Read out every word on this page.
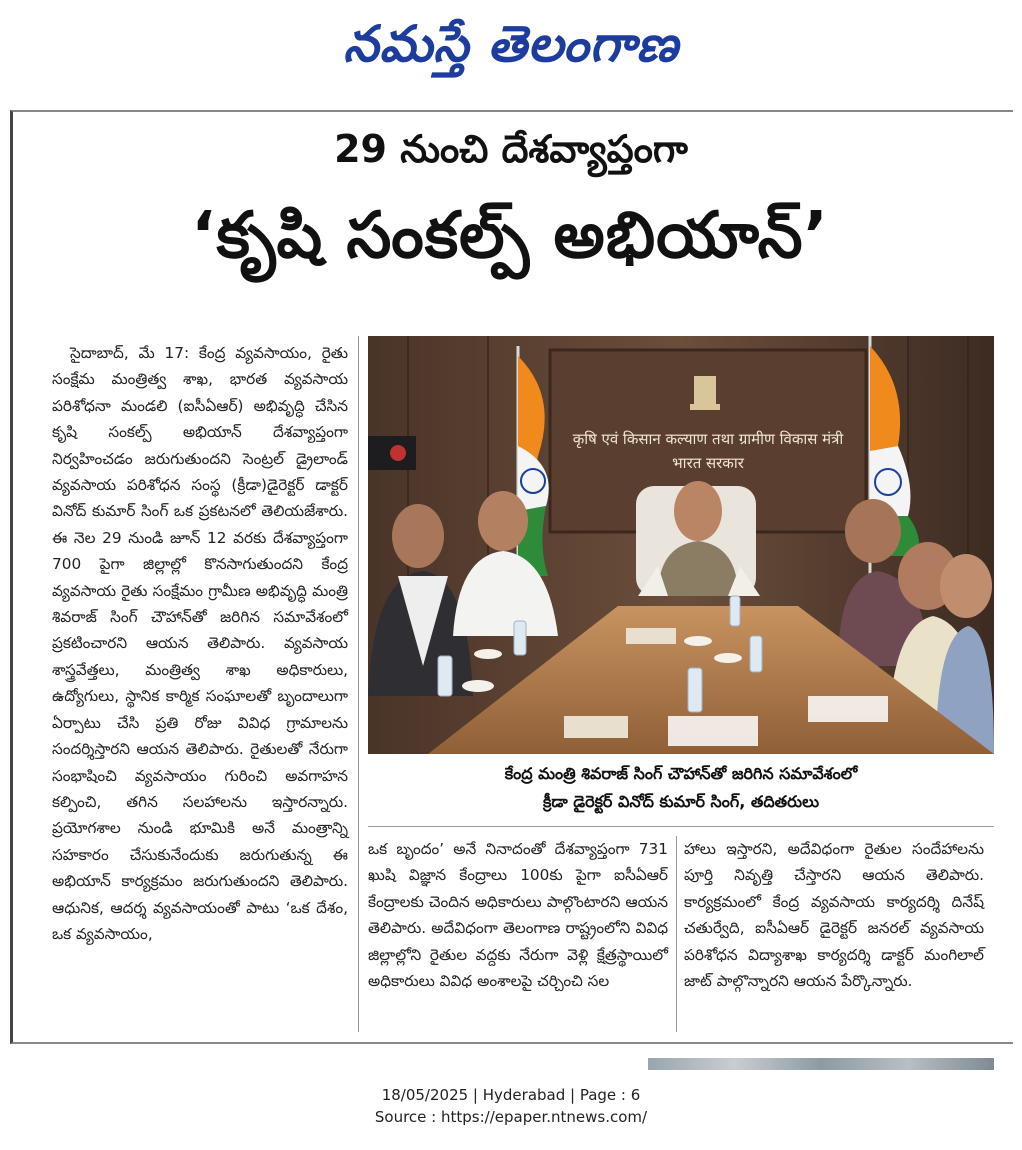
నమస్తే తెలంగాణ
29 నుంచి దేశవ్యాప్తంగా
‘కృషి సంకల్ప్ అభియాన్’

సైదాబాద్, మే 17: కేంద్ర వ్యవసాయం, రైతు సంక్షేమ మంత్రిత్వ శాఖ, భారత వ్యవసాయ పరిశోధనా మండలి (ఐసీఏఆర్) అభివృద్ధి చేసిన కృషి సంకల్ప్ అభియాన్ దేశవ్యాప్తంగా నిర్వహించడం జరుగుతుందని సెంట్రల్ డ్రైలాండ్ వ్యవసాయ పరిశోధన సంస్థ (క్రీడా)డైరెక్టర్ డాక్టర్ వినోద్ కుమార్ సింగ్ ఒక ప్రకటనలో తెలియజేశారు. ఈ నెల 29 నుండి జూన్ 12 వరకు దేశవ్యాప్తంగా 700 పైగా జిల్లాల్లో కొనసాగుతుందని కేంద్ర వ్యవసాయ రైతు సంక్షేమం గ్రామీణ అభివృద్ధి మంత్రి శివరాజ్ సింగ్ చౌహాన్‌తో జరిగిన సమావేశంలో ప్రకటించారని ఆయన తెలిపారు. వ్యవసాయ శాస్త్రవేత్తలు, మంత్రిత్వ శాఖ అధికారులు, ఉద్యోగులు, స్థానిక కార్మిక సంఘాలతో బృందాలుగా ఏర్పాటు చేసి ప్రతి రోజు వివిధ గ్రామాలను సందర్శిస్తారని ఆయన తెలిపారు. రైతులతో నేరుగా సంభాషించి వ్యవసాయం గురించి అవగాహన కల్పించి, తగిన సలహాలను ఇస్తారన్నారు. ప్రయోగశాల నుండి భూమికి అనే మంత్రాన్ని సహకారం చేసుకునేందుకు జరుగుతున్న ఈ అభియాన్ కార్యక్రమం జరుగుతుందని తెలిపారు. ఆధునిక, ఆదర్శ వ్యవసాయంతో పాటు ‘ఒక దేశం, ఒక వ్యవసాయం,

कृषि एवं किसान कल्याण तथा ग्रामीण विकास मंत्री
भारत सरकार
కేంద్ర మంత్రి శివరాజ్ సింగ్ చౌహాన్‌తో జరిగిన సమావేశంలో
క్రీడా డైరెక్టర్ వినోద్ కుమార్ సింగ్, తదితరులు

ఒక బృందం’ అనే నినాదంతో దేశవ్యాప్తంగా 731 ఖుషి విజ్ఞాన కేంద్రాలు 100కు పైగా ఐసీఏఆర్ కేంద్రాలకు చెందిన అధికారులు పాల్గొంటారని ఆయన తెలిపారు. అదేవిధంగా తెలంగాణ రాష్ట్రంలోని వివిధ జిల్లాల్లోని రైతుల వద్దకు నేరుగా వెళ్లి క్షేత్రస్థాయిలో అధికారులు వివిధ అంశాలపై చర్చించి సల

హాలు ఇస్తారని, అదేవిధంగా రైతుల సందేహాలను పూర్తి నివృత్తి చేస్తారని ఆయన తెలిపారు. కార్యక్రమంలో కేంద్ర వ్యవసాయ కార్యదర్శి దినేష్ చతుర్వేది, ఐసీఏఆర్ డైరెక్టర్ జనరల్ వ్యవసాయ పరిశోధన విద్యాశాఖ కార్యదర్శి డాక్టర్ మంగిలాల్ జాట్ పాల్గొన్నారని ఆయన పేర్కొన్నారు.

18/05/2025 | Hyderabad | Page : 6
Source : https://epaper.ntnews.com/
